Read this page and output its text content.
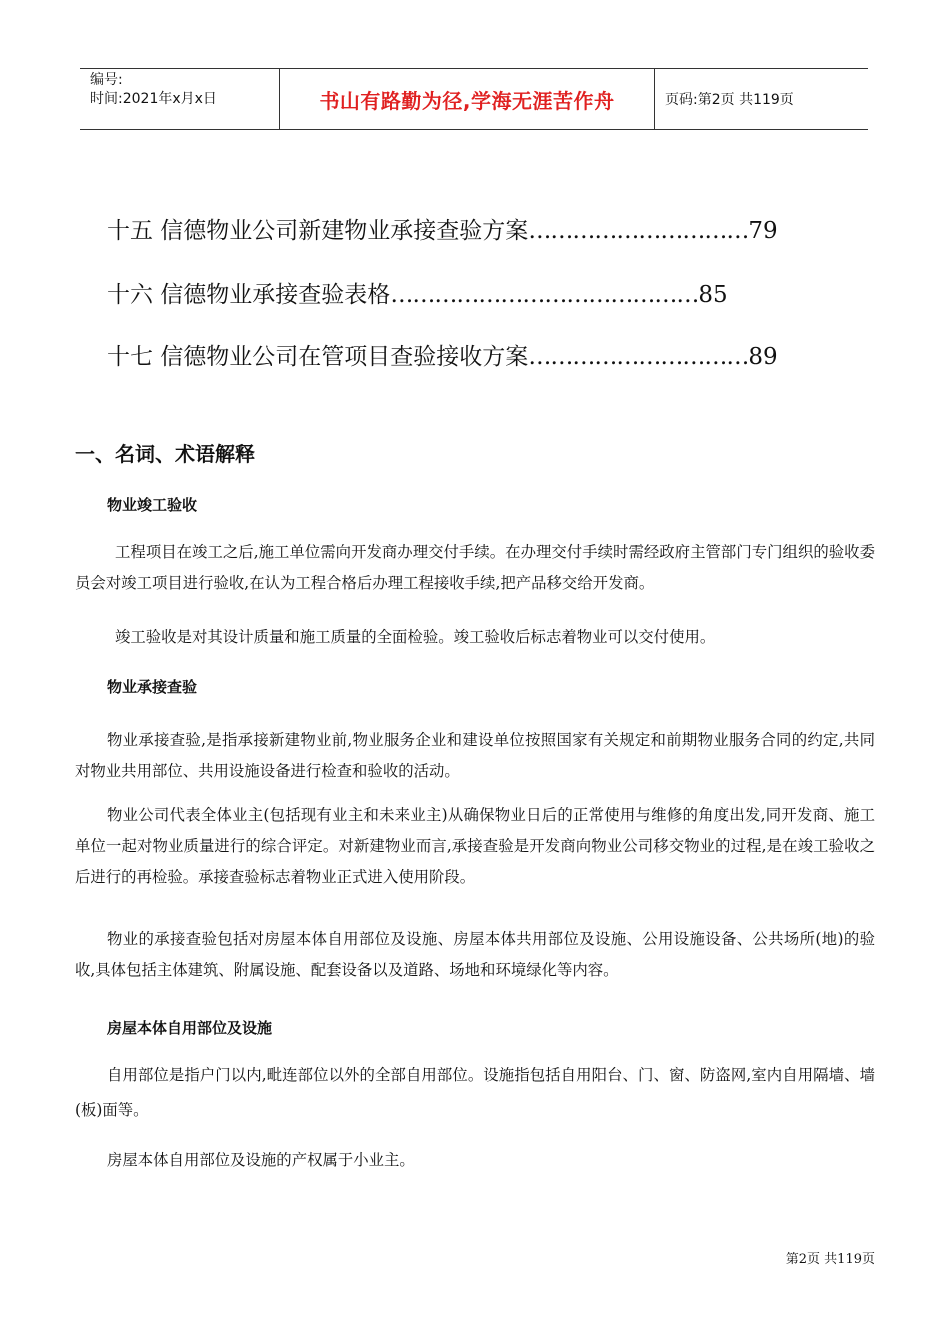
编号:
时间:2021年x月x日	书山有路勤为径,学海无涯苦作舟	页码:第2页 共119页
十五 信德物业公司新建物业承接查验方案…………………………79
十六 信德物业承接查验表格……………………………………85
十七 信德物业公司在管项目查验接收方案…………………………89
一、名词、术语解释
物业竣工验收
工程项目在竣工之后,施工单位需向开发商办理交付手续。在办理交付手续时需经政府主管部门专门组织的验收委员会对竣工项目进行验收,在认为工程合格后办理工程接收手续,把产品移交给开发商。
竣工验收是对其设计质量和施工质量的全面检验。竣工验收后标志着物业可以交付使用。
物业承接查验
物业承接查验,是指承接新建物业前,物业服务企业和建设单位按照国家有关规定和前期物业服务合同的约定,共同对物业共用部位、共用设施设备进行检查和验收的活动。
物业公司代表全体业主(包括现有业主和未来业主)从确保物业日后的正常使用与维修的角度出发,同开发商、施工单位一起对物业质量进行的综合评定。对新建物业而言,承接查验是开发商向物业公司移交物业的过程,是在竣工验收之后进行的再检验。承接查验标志着物业正式进入使用阶段。
物业的承接查验包括对房屋本体自用部位及设施、房屋本体共用部位及设施、公用设施设备、公共场所(地)的验收,具体包括主体建筑、附属设施、配套设备以及道路、场地和环境绿化等内容。
房屋本体自用部位及设施
自用部位是指户门以内,毗连部位以外的全部自用部位。设施指包括自用阳台、门、窗、防盗网,室内自用隔墙、墙(板)面等。
房屋本体自用部位及设施的产权属于小业主。
第2页 共119页
